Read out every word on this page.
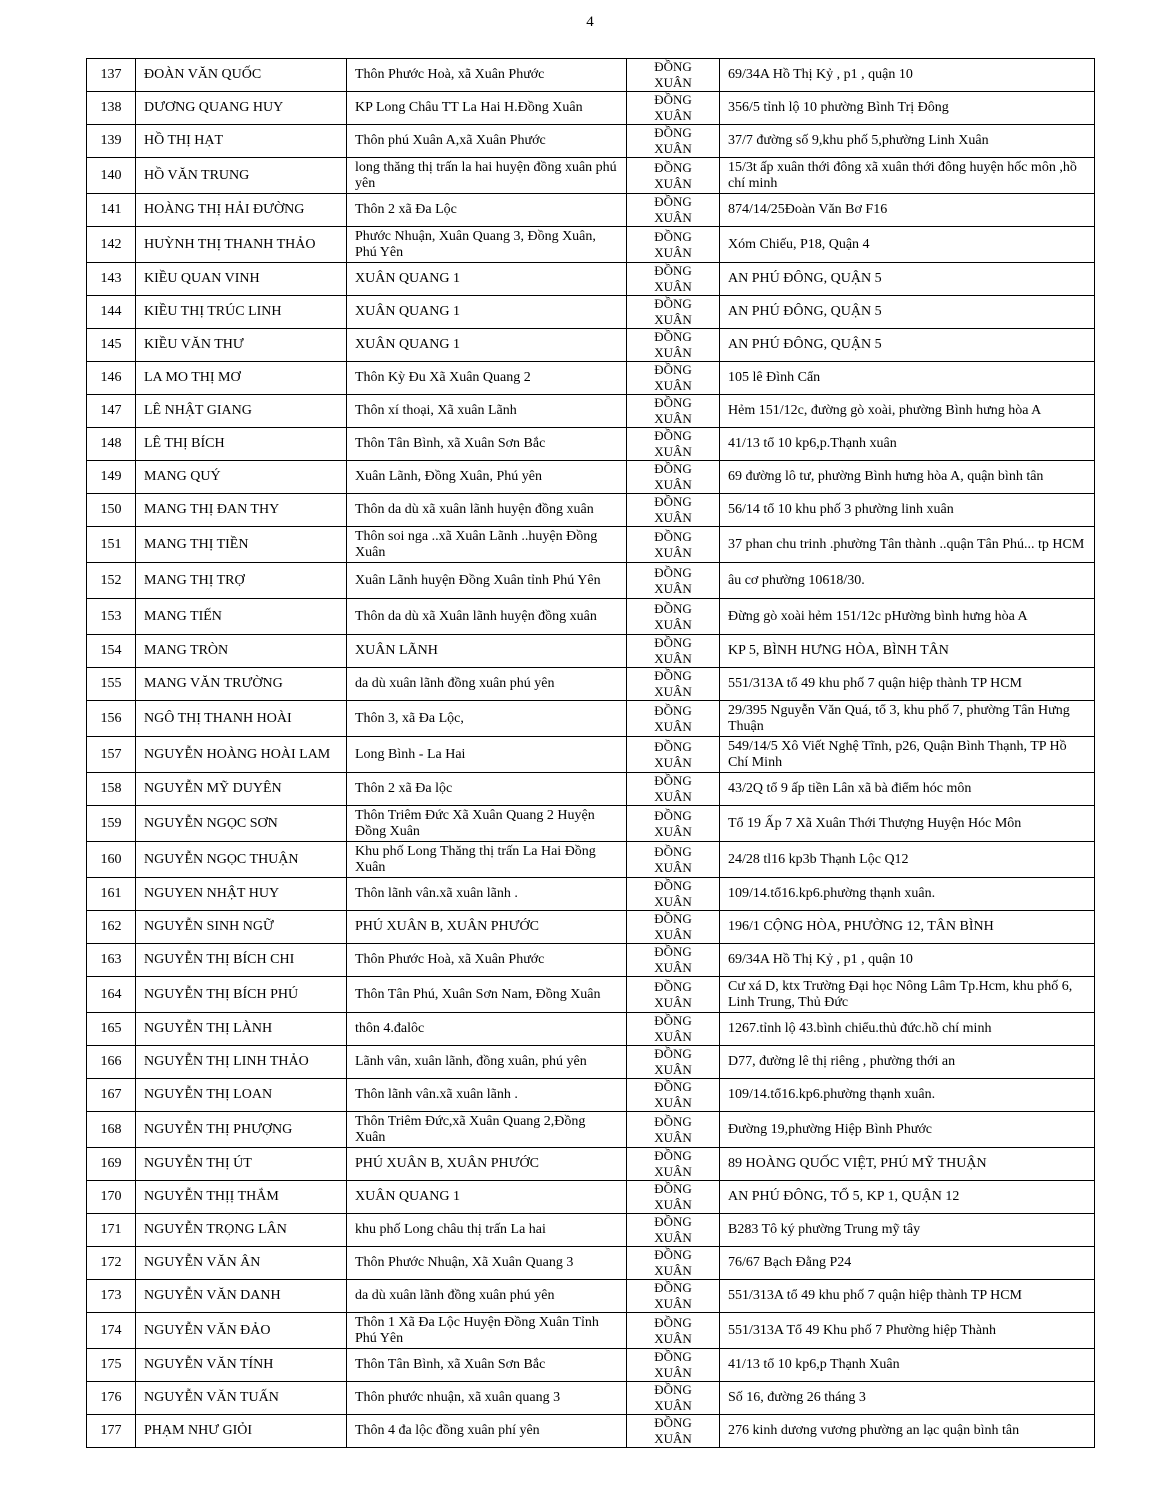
4
137	ĐOÀN VĂN QUỐC	Thôn Phước Hoà, xã Xuân Phước	ĐỒNG
XUÂN	69/34A Hồ Thị Kỷ , p1 , quận 10
138	DƯƠNG QUANG HUY	KP Long Châu TT La Hai H.Đồng Xuân	ĐỒNG
XUÂN	356/5 tỉnh lộ 10 phường Bình Trị Đông
139	HỒ THỊ HẠT	Thôn phú Xuân A,xã Xuân Phước	ĐỒNG
XUÂN	37/7 đường số 9,khu phố 5,phường Linh Xuân
140	HỒ VĂN TRUNG	long thăng thị trấn la hai huyện đồng xuân phú yên	ĐỒNG
XUÂN	15/3t ấp xuân thới đông xã xuân thới đông huyện hốc môn ,hồ chí minh
141	HOÀNG THỊ HẢI ĐƯỜNG	Thôn 2 xã Đa Lộc	ĐỒNG
XUÂN	874/14/25Đoàn Văn Bơ F16
142	HUỲNH THỊ THANH THẢO	Phước Nhuận, Xuân Quang 3, Đồng Xuân, Phú Yên	ĐỒNG
XUÂN	Xóm Chiếu, P18, Quận 4
143	KIỀU QUAN VINH	XUÂN QUANG 1	ĐỒNG
XUÂN	AN PHÚ ĐÔNG, QUẬN 5
144	KIỀU THỊ TRÚC LINH	XUÂN QUANG 1	ĐỒNG
XUÂN	AN PHÚ ĐÔNG, QUẬN 5
145	KIỀU VĂN THƯ	XUÂN QUANG 1	ĐỒNG
XUÂN	AN PHÚ ĐÔNG, QUẬN 5
146	LA MO THỊ MƠ	Thôn Kỳ Đu Xã Xuân Quang 2	ĐỒNG
XUÂN	105 lê Đình Cẩn
147	LÊ NHẬT GIANG	Thôn xí thoại, Xã xuân Lãnh	ĐỒNG
XUÂN	Hẻm 151/12c, đường gò xoài, phường Bình hưng hòa A
148	LÊ THỊ BÍCH	Thôn Tân Bình, xã Xuân Sơn Bắc	ĐỒNG
XUÂN	41/13 tổ 10 kp6,p.Thạnh xuân
149	MANG QUÝ	Xuân Lãnh, Đồng Xuân, Phú yên	ĐỒNG
XUÂN	69 đường lô tư, phường Bình hưng hòa A, quận bình tân
150	MANG THỊ ĐAN THY	Thôn da dù xã xuân lãnh huyện đồng xuân	ĐỒNG
XUÂN	56/14 tổ 10 khu phố 3 phường linh xuân
151	MANG THỊ TIỀN	Thôn soi nga ..xã Xuân Lãnh ..huyện Đồng Xuân	ĐỒNG
XUÂN	37 phan chu trinh .phường Tân thành ..quận Tân Phú... tp HCM
152	MANG THỊ TRỢ	Xuân Lãnh huyện Đồng Xuân tỉnh Phú Yên	ĐỒNG
XUÂN	âu cơ phường 10618/30.
153	MANG TIẾN	Thôn da dù xã Xuân lãnh huyện đồng xuân	ĐỒNG
XUÂN	Đừng gò xoài hẻm 151/12c pHường bình hưng hòa A
154	MANG TRÒN	XUÂN LÃNH	ĐỒNG
XUÂN	KP 5, BÌNH HƯNG HÒA, BÌNH TÂN
155	MANG VĂN TRƯỜNG	da dù xuân lãnh đồng xuân phú yên	ĐỒNG
XUÂN	551/313A tổ 49 khu phố 7 quận hiệp thành TP HCM
156	NGÔ THỊ THANH HOÀI	Thôn 3, xã Đa Lộc,	ĐỒNG
XUÂN	29/395 Nguyễn Văn Quá, tổ 3, khu phố 7, phường Tân Hưng Thuận
157	NGUYỄN HOÀNG HOÀI LAM	Long Bình - La Hai	ĐỒNG
XUÂN	549/14/5 Xô Viết Nghệ Tĩnh, p26, Quận Bình Thạnh, TP Hồ Chí Minh
158	NGUYỄN MỸ DUYÊN	Thôn 2 xã Đa lộc	ĐỒNG
XUÂN	43/2Q tổ 9 ấp tiền Lân xã bà điểm hóc môn
159	NGUYỄN NGỌC SƠN	Thôn Triêm Đức Xã Xuân Quang 2 Huyện Đồng Xuân	ĐỒNG
XUÂN	Tổ 19 Ấp 7 Xã Xuân Thới Thượng Huyện Hóc Môn
160	NGUYỄN NGỌC THUẬN	Khu phố Long Thăng thị trấn La Hai Đồng Xuân	ĐỒNG
XUÂN	24/28 tl16 kp3b Thạnh Lộc Q12
161	NGUYEN NHẬT HUY	Thôn lãnh vân.xã xuân lãnh .	ĐỒNG
XUÂN	109/14.tổ16.kp6.phường thạnh xuân.
162	NGUYỄN SINH NGỮ	PHÚ XUÂN B, XUÂN PHƯỚC	ĐỒNG
XUÂN	196/1 CỘNG HÒA, PHƯỜNG 12, TÂN BÌNH
163	NGUYỄN THỊ BÍCH CHI	Thôn Phước Hoà, xã Xuân Phước	ĐỒNG
XUÂN	69/34A Hồ Thị Kỷ , p1 , quận 10
164	NGUYỄN THỊ BÍCH PHÚ	Thôn Tân Phú, Xuân Sơn Nam, Đồng Xuân	ĐỒNG
XUÂN	Cư xá D, ktx Trường Đại học Nông Lâm Tp.Hcm, khu phố 6, Linh Trung, Thủ Đức
165	NGUYỄN THỊ LÀNH	thôn 4.đalôc	ĐỒNG
XUÂN	1267.tỉnh lộ 43.bình chiểu.thủ đức.hồ chí minh
166	NGUYỄN THỊ LINH THẢO	Lãnh vân, xuân lãnh, đồng xuân, phú yên	ĐỒNG
XUÂN	D77, đường lê thị riêng , phường thới an
167	NGUYỄN THỊ LOAN	Thôn lãnh vân.xã xuân lãnh .	ĐỒNG
XUÂN	109/14.tổ16.kp6.phường thạnh xuân.
168	NGUYỄN THỊ PHƯỢNG	Thôn Triêm Đức,xã Xuân Quang 2,Đồng Xuân	ĐỒNG
XUÂN	Đường 19,phường Hiệp Bình Phước
169	NGUYỄN THỊ ÚT	PHÚ XUÂN B, XUÂN PHƯỚC	ĐỒNG
XUÂN	89 HOÀNG QUỐC VIỆT, PHÚ MỸ THUẬN
170	NGUYỄN THỊỊ THẮM	XUÂN QUANG 1	ĐỒNG
XUÂN	AN PHÚ ĐÔNG, TỔ 5, KP 1, QUẬN 12
171	NGUYỄN TRỌNG LÂN	khu phố Long châu thị trấn La hai	ĐỒNG
XUÂN	B283 Tô ký phường Trung mỹ tây
172	NGUYỄN VĂN ÂN	Thôn Phước Nhuận, Xã Xuân Quang 3	ĐỒNG
XUÂN	76/67 Bạch Đằng P24
173	NGUYỄN VĂN DANH	da dù xuân lãnh đồng xuân phú yên	ĐỒNG
XUÂN	551/313A tổ 49 khu phố 7 quận hiệp thành TP HCM
174	NGUYỄN VĂN ĐẢO	Thôn 1 Xã Đa Lộc Huyện Đồng Xuân Tỉnh Phú Yên	ĐỒNG
XUÂN	551/313A Tổ 49 Khu phố 7 Phường hiệp Thành
175	NGUYỄN VĂN TÍNH	Thôn Tân Bình, xã Xuân Sơn Bắc	ĐỒNG
XUÂN	41/13 tổ 10 kp6,p Thạnh Xuân
176	NGUYỄN VĂN TUẤN	Thôn phước nhuận, xã xuân quang 3	ĐỒNG
XUÂN	Số 16, đường 26 tháng 3
177	PHẠM NHƯ GIỎI	Thôn 4 đa lộc đồng xuân phí yên	ĐỒNG
XUÂN	276 kinh dương vương phường an lạc quận bình tân
